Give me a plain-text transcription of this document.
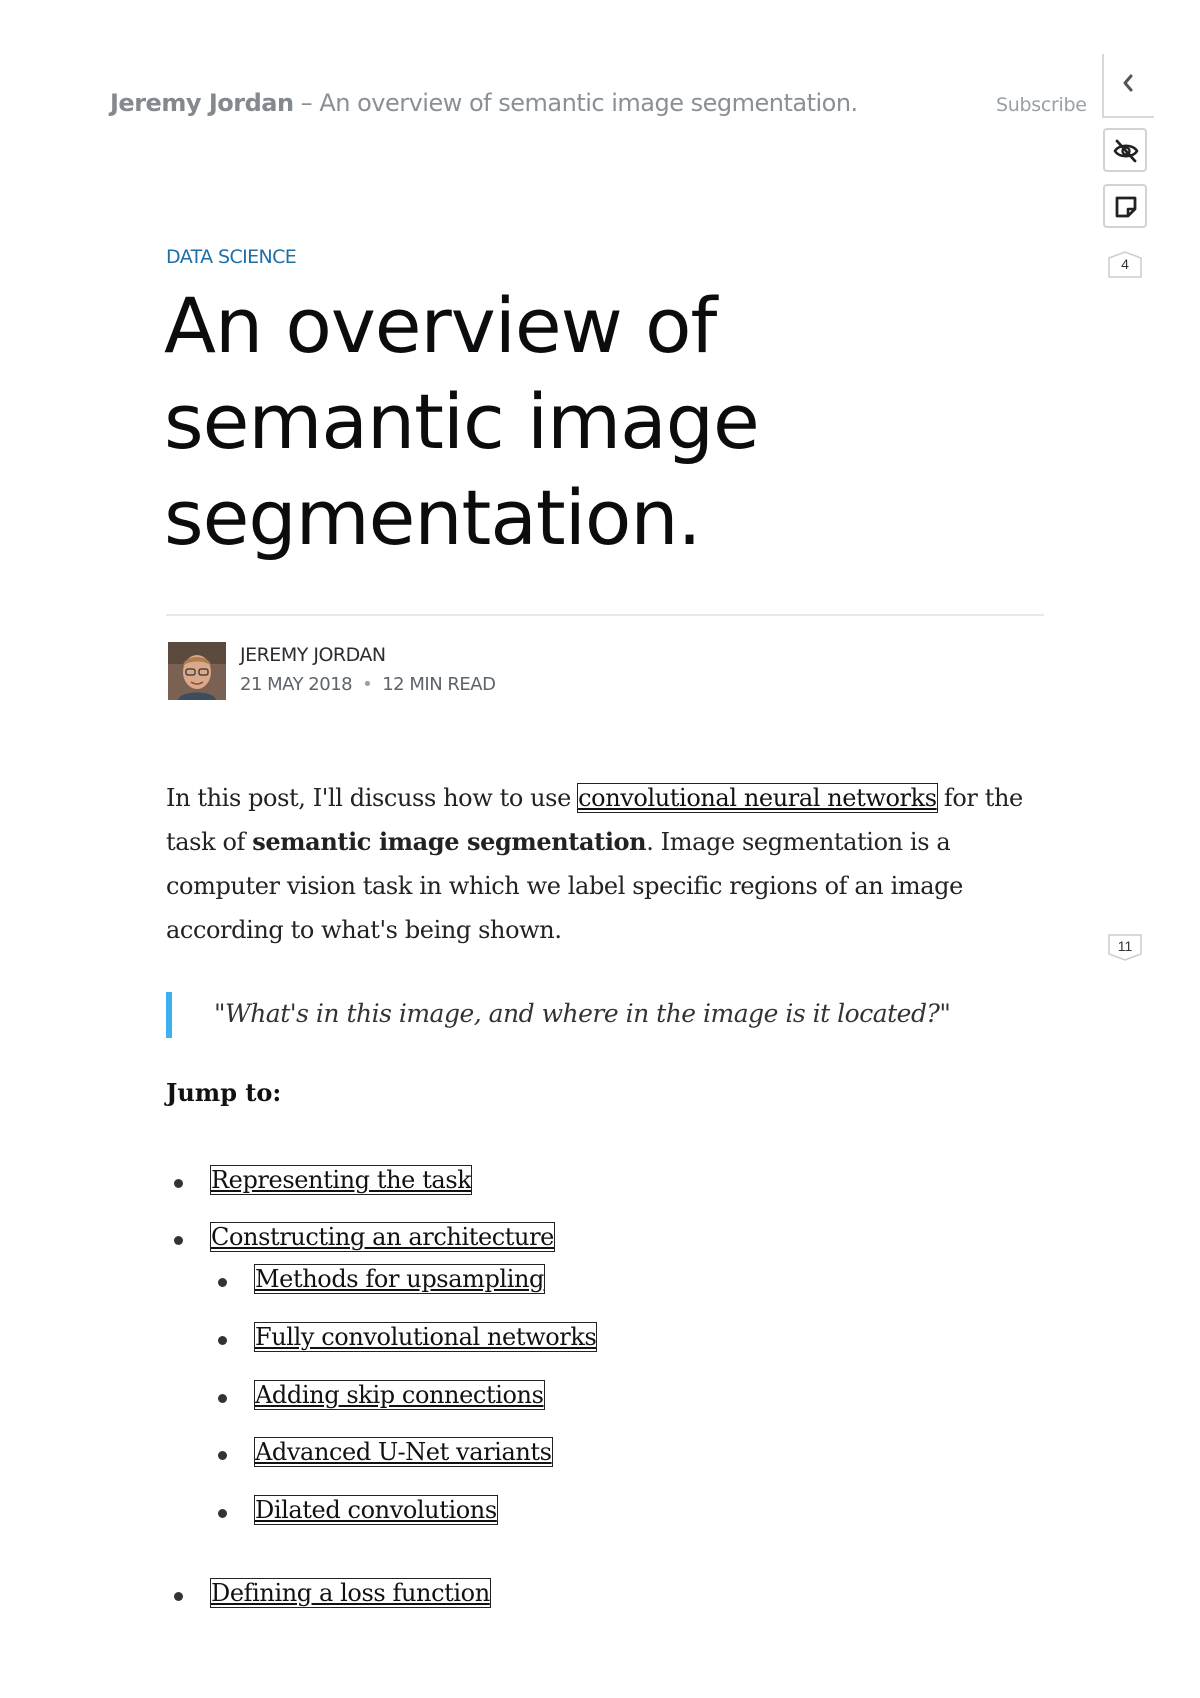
Jeremy Jordan – An overview of semantic image segmentation.	Subscribe
4
11
DATA SCIENCE
An overview of semantic image segmentation.
JEREMY JORDAN
21 MAY 2018 • 12 MIN READ

In this post, I'll discuss how to use convolutional neural networks for the task of semantic image segmentation. Image segmentation is a computer vision task in which we label specific regions of an image according to what's being shown.

"What's in this image, and where in the image is it located?"
Jump to:
Representing the task
Constructing an architecture
Methods for upsampling
Fully convolutional networks
Adding skip connections
Advanced U-Net variants
Dilated convolutions
Defining a loss function
